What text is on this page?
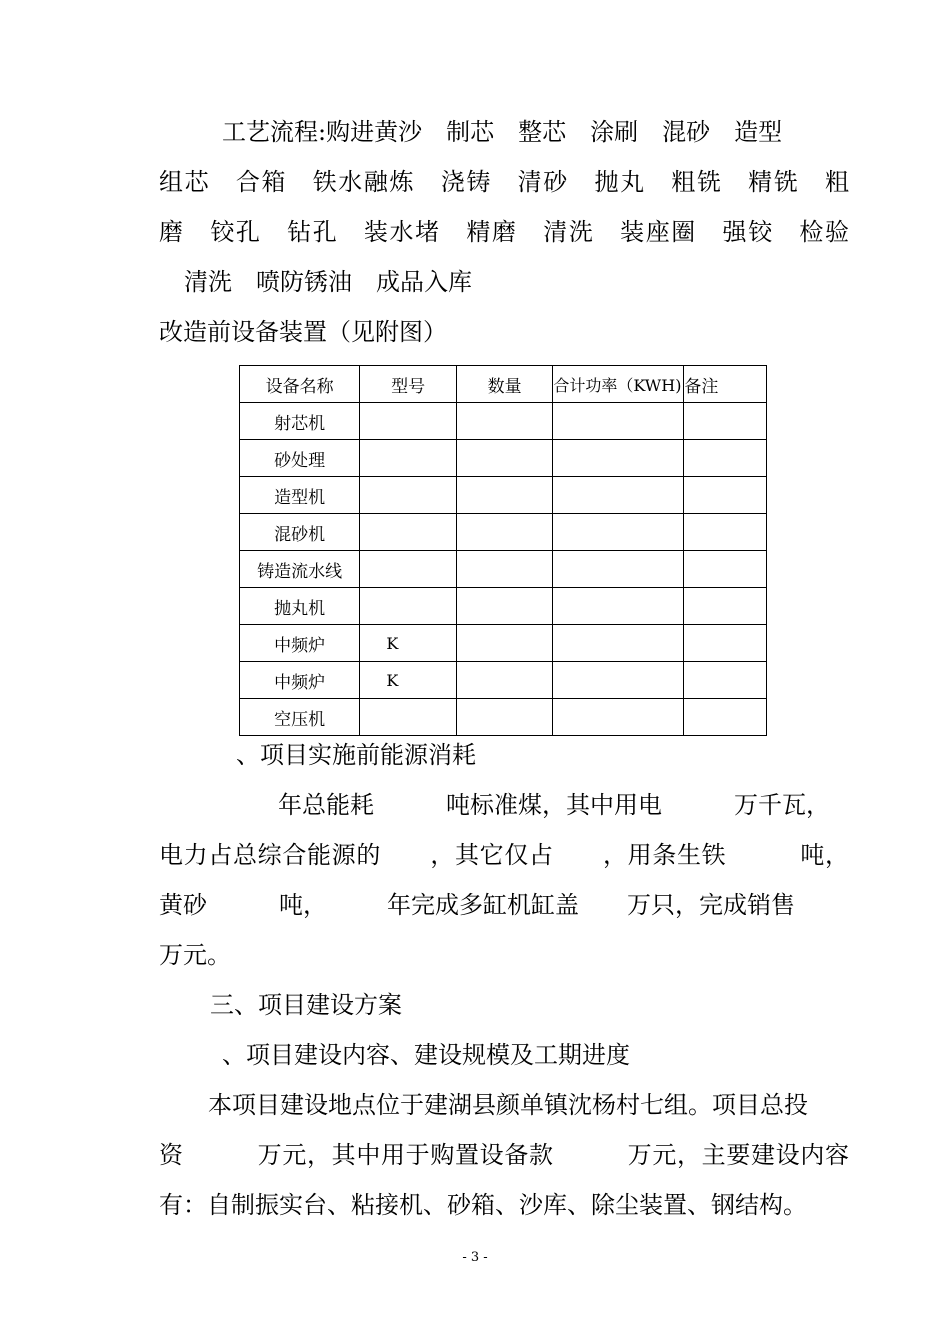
工艺流程:购进黄沙　制芯　整芯　涂刷　混砂　造型
组芯　合箱　铁水融炼　浇铸　清砂　抛丸　粗铣　精铣　粗
磨　铰孔　钻孔　装水堵　精磨　清洗　装座圈　强铰　检验
清洗　喷防锈油　成品入库
改造前设备装置（见附图）
设备名称	型号	数量	合计功率（KWH)	备注
射芯机				
砂处理				
造型机				
混砂机				
铸造流水线				
抛丸机				
中频炉	K			
中频炉	K			
空压机				
、项目实施前能源消耗
年总能耗　　　吨标准煤，其中用电　　　万千瓦，
电力占总综合能源的　　，其它仅占　　，用条生铁　　　吨，
黄砂　　　吨，　　　年完成多缸机缸盖　　万只，完成销售
万元。
三、项目建设方案
、项目建设内容、建设规模及工期进度
本项目建设地点位于建湖县颜单镇沈杨村七组。项目总投
资　　　万元，其中用于购置设备款　　　万元，主要建设内容
有：自制振实台、粘接机、砂箱、沙库、除尘装置、钢结构。
- 3 -
